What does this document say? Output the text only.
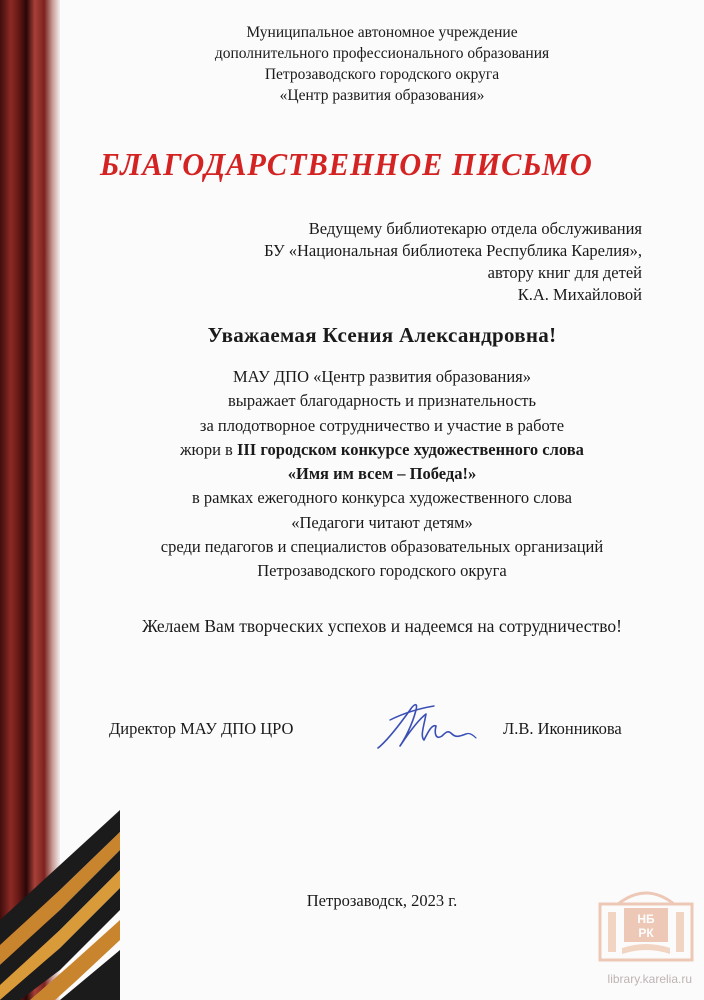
Муниципальное автономное учреждение
дополнительного профессионального образования
Петрозаводского городского округа
«Центр развития образования»
БЛАГОДАРСТВЕННОЕ ПИСЬМО
Ведущему библиотекарю отдела обслуживания
БУ «Национальная библиотека Республика Карелия»,
автору книг для детей
К.А. Михайловой
Уважаемая Ксения Александровна!
МАУ ДПО «Центр развития образования»
выражает благодарность и признательность
за плодотворное сотрудничество и участие в работе
жюри в III городском конкурсе художественного слова
«Имя им всем – Победа!»
в рамках ежегодного конкурса художественного слова
«Педагоги читают детям»
среди педагогов и специалистов образовательных организаций
Петрозаводского городского округа
Желаем Вам творческих успехов и надеемся на сотрудничество!
Директор МАУ ДПО ЦРО	Л.В. Иконникова
Петрозаводск, 2023 г.
НБ
РК
library.karelia.ru
